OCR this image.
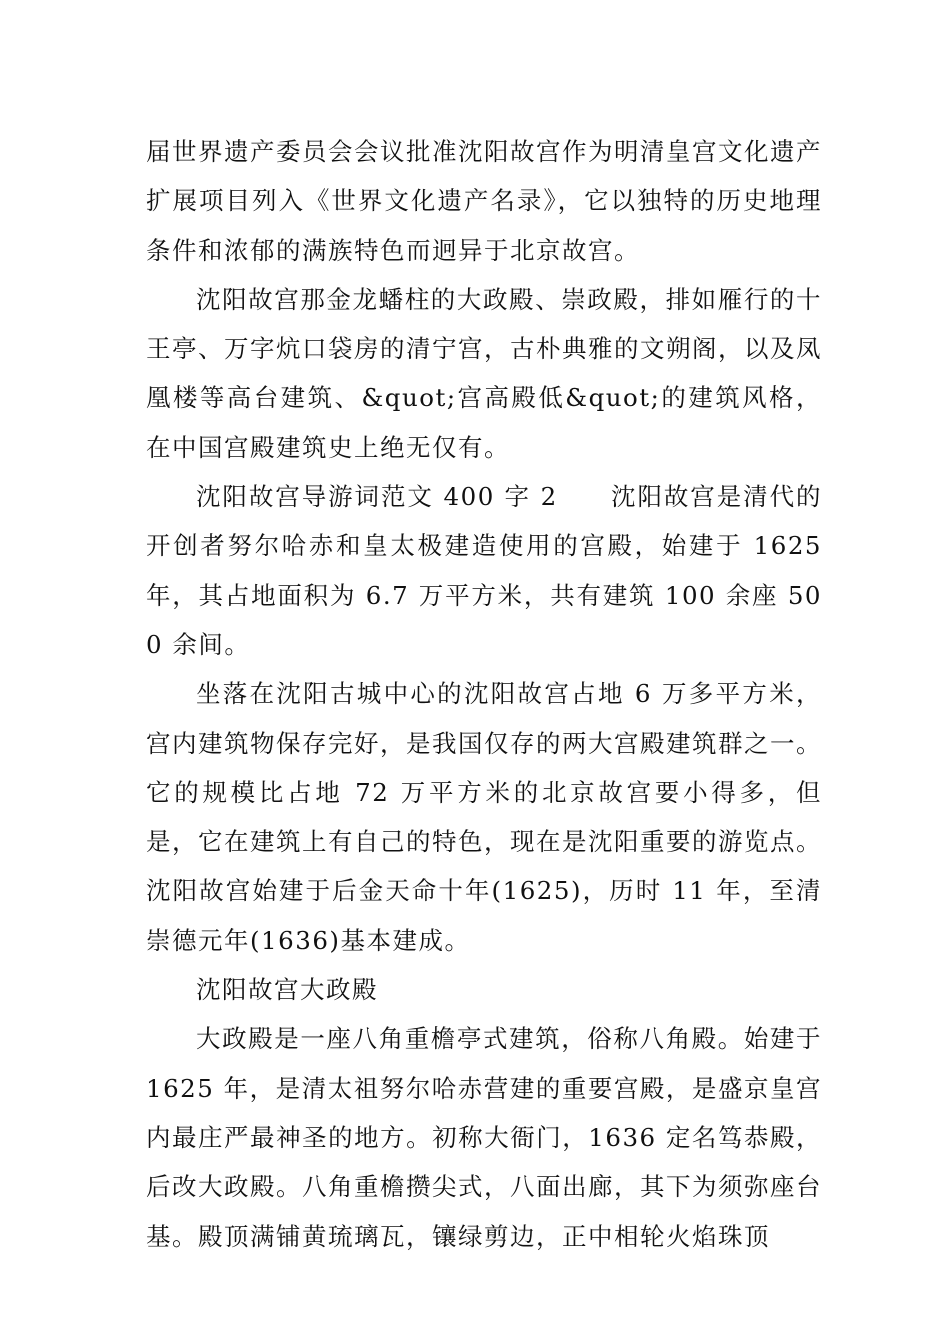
届世界遗产委员会会议批准沈阳故宫作为明清皇宫文化遗产扩展项目列入《世界文化遗产名录》，它以独特的历史地理条件和浓郁的满族特色而迥异于北京故宫。

沈阳故宫那金龙蟠柱的大政殿、崇政殿，排如雁行的十王亭、万字炕口袋房的清宁宫，古朴典雅的文朔阁，以及凤凰楼等高台建筑、&quot;宫高殿低&quot;的建筑风格，在中国宫殿建筑史上绝无仅有。

沈阳故宫导游词范文 400 字 2　　沈阳故宫是清代的开创者努尔哈赤和皇太极建造使用的宫殿，始建于 1625 年，其占地面积为 6.7 万平方米，共有建筑 100 余座 500 余间。

坐落在沈阳古城中心的沈阳故宫占地 6 万多平方米，宫内建筑物保存完好，是我国仅存的两大宫殿建筑群之一。它的规模比占地 72 万平方米的北京故宫要小得多，但是，它在建筑上有自己的特色，现在是沈阳重要的游览点。沈阳故宫始建于后金天命十年(1625)，历时 11 年，至清崇德元年(1636)基本建成。

沈阳故宫大政殿

大政殿是一座八角重檐亭式建筑，俗称八角殿。始建于 1625 年，是清太祖努尔哈赤营建的重要宫殿，是盛京皇宫内最庄严最神圣的地方。初称大衙门，1636 定名笃恭殿，后改大政殿。八角重檐攒尖式，八面出廊，其下为须弥座台基。殿顶满铺黄琉璃瓦，镶绿剪边，正中相轮火焰珠顶
